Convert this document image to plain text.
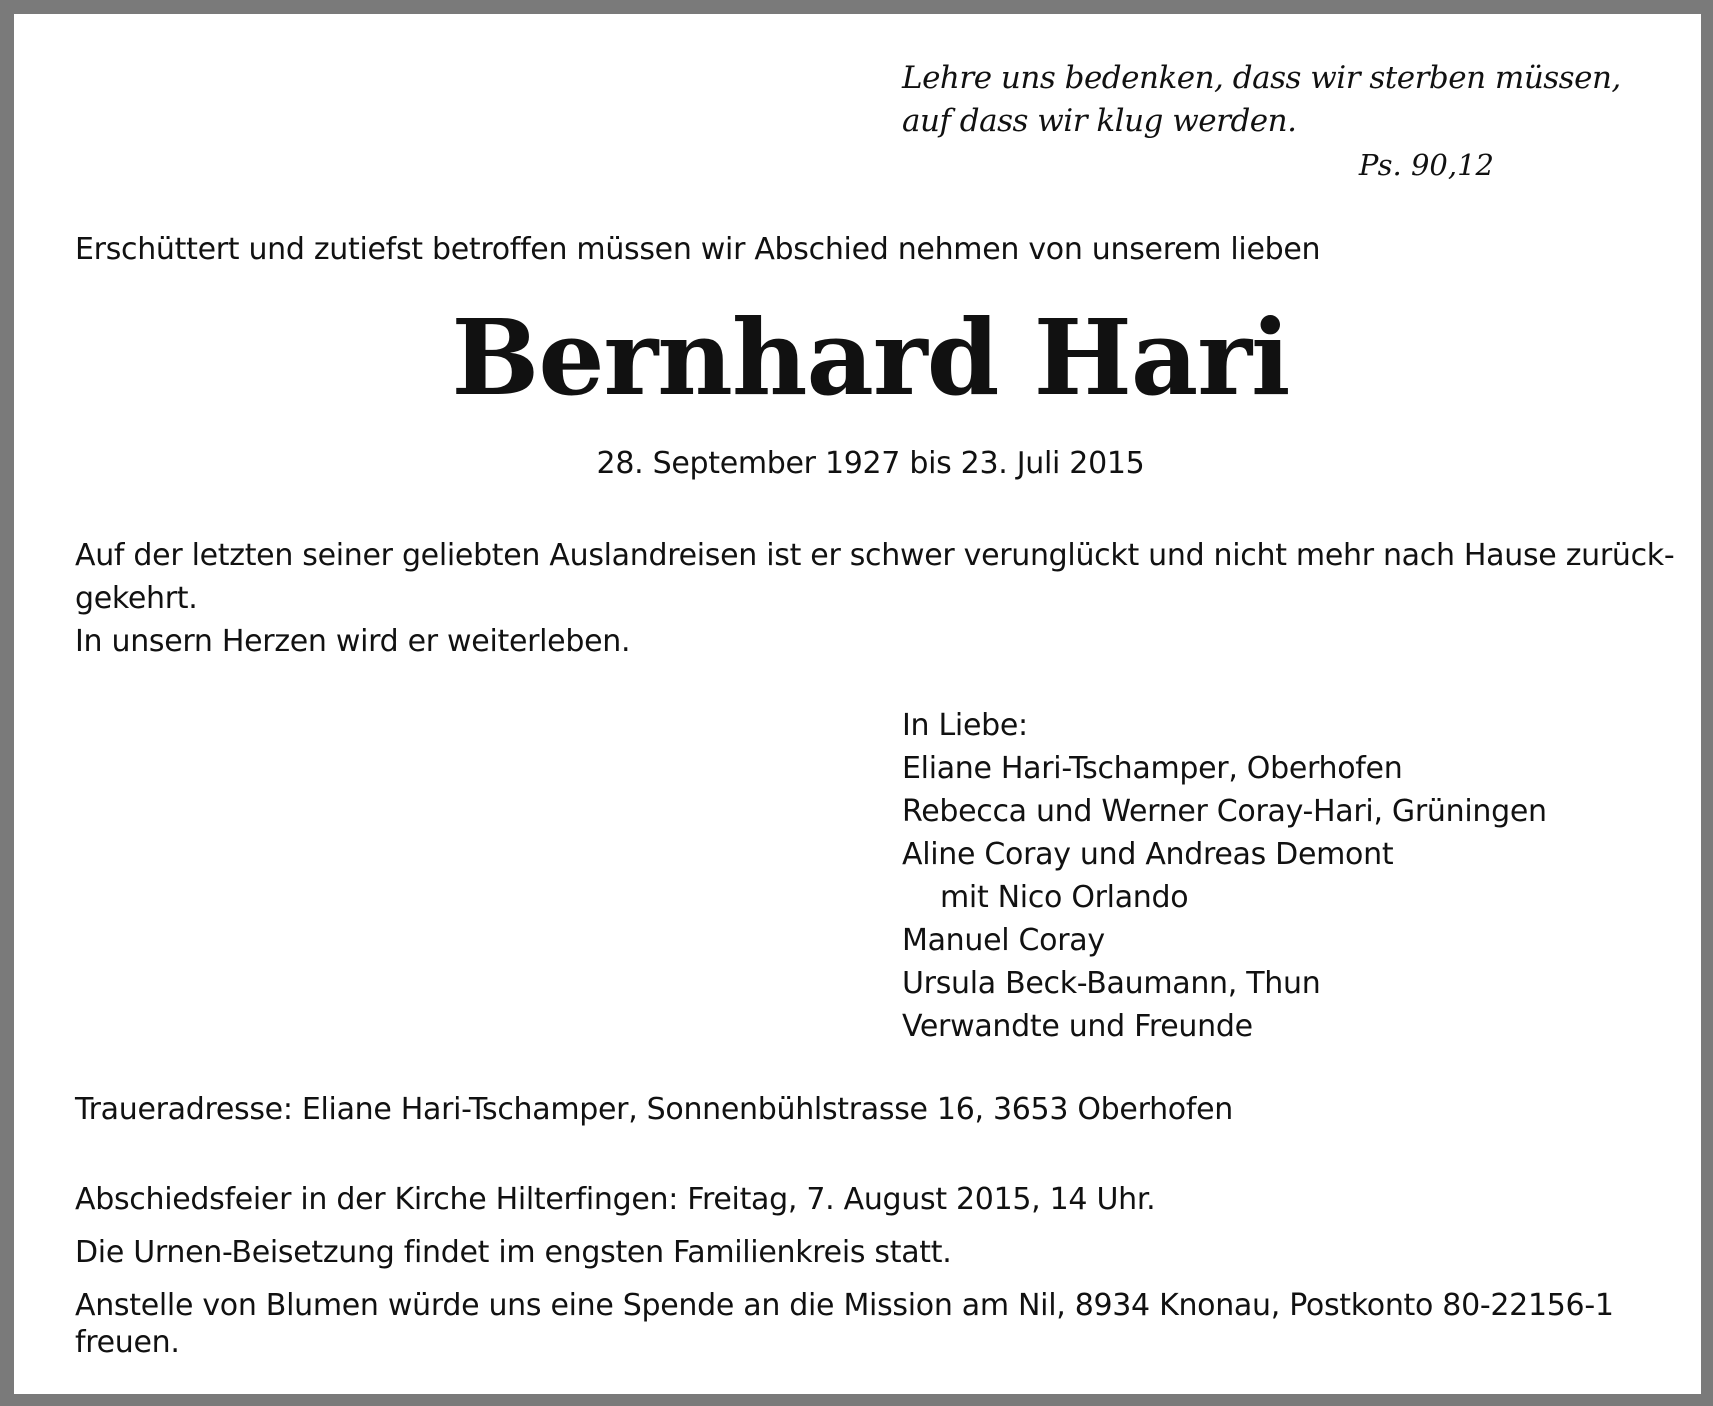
Lehre uns bedenken, dass wir sterben müssen,

auf dass wir klug werden.

Ps. 90,12

Erschüttert und zutiefst betroffen müssen wir Abschied nehmen von unserem lieben

Bernhard Hari

28. September 1927 bis 23. Juli 2015

Auf der letzten seiner geliebten Auslandreisen ist er schwer verunglückt und nicht mehr nach Hause zurück-
gekehrt.
In unsern Herzen wird er weiterleben.
In Liebe:
Eliane Hari-Tschamper, Oberhofen
Rebecca und Werner Coray-Hari, Grüningen
Aline Coray und Andreas Demont
mit Nico Orlando
Manuel Coray
Ursula Beck-Baumann, Thun
Verwandte und Freunde

Traueradresse: Eliane Hari-Tschamper, Sonnenbühlstrasse 16, 3653 Oberhofen

Abschiedsfeier in der Kirche Hilterfingen: Freitag, 7. August 2015, 14 Uhr.
Die Urnen-Beisetzung findet im engsten Familienkreis statt.
Anstelle von Blumen würde uns eine Spende an die Mission am Nil, 8934 Knonau, Postkonto 80-22156-1
freuen.
